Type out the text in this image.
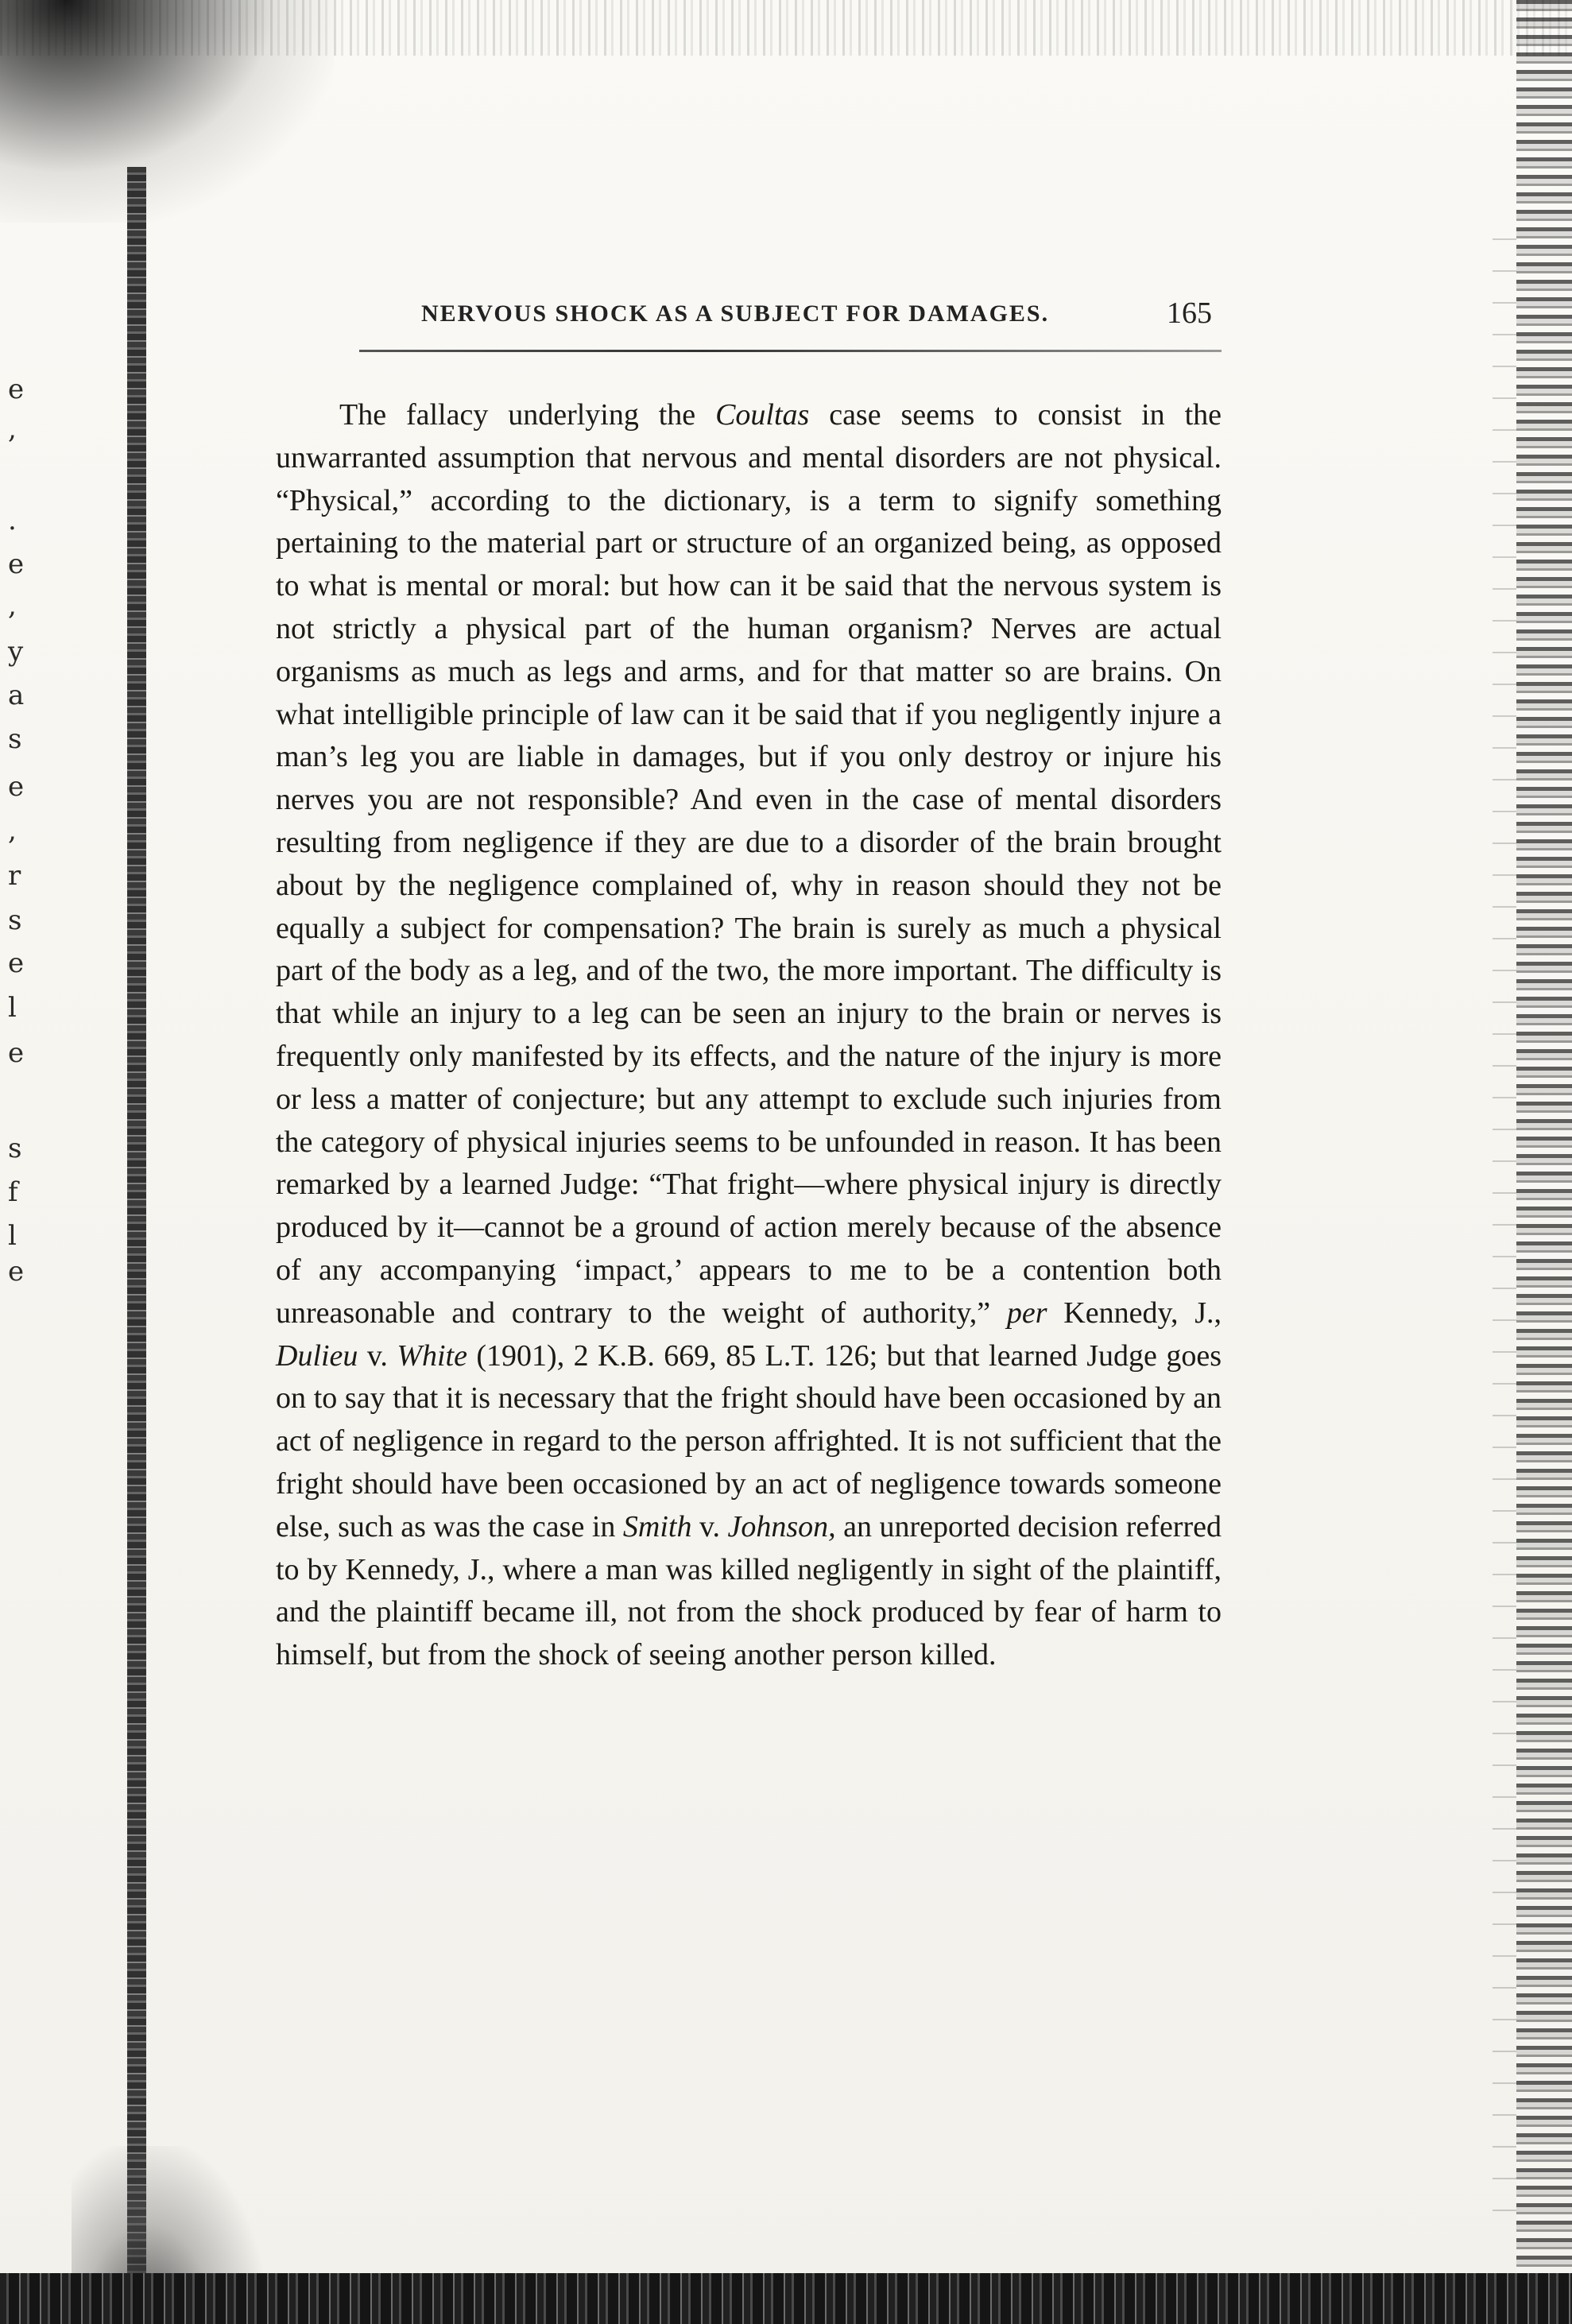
e
,
.
e
,
y
a
s
e
,
r
s
e
l
e
s
f
l
e
NERVOUS SHOCK AS A SUBJECT FOR DAMAGES.	165

The fallacy underlying the Coultas case seems to consist in the unwarranted assumption that nervous and mental disorders are not physical. “Physical,” according to the dictionary, is a term to signify something pertaining to the material part or structure of an organized being, as opposed to what is mental or moral: but how can it be said that the nervous system is not strictly a physical part of the human organism? Nerves are actual organisms as much as legs and arms, and for that matter so are brains. On what intelligible principle of law can it be said that if you negligently injure a man’s leg you are liable in damages, but if you only destroy or injure his nerves you are not responsible? And even in the case of mental disorders resulting from negligence if they are due to a disorder of the brain brought about by the negligence complained of, why in reason should they not be equally a subject for compensation? The brain is surely as much a physical part of the body as a leg, and of the two, the more important. The difficulty is that while an injury to a leg can be seen an injury to the brain or nerves is frequently only manifested by its effects, and the nature of the injury is more or less a matter of conjecture; but any attempt to exclude such injuries from the category of physical injuries seems to be unfounded in reason. It has been remarked by a learned Judge: “That fright—where physical injury is directly produced by it—cannot be a ground of action merely because of the absence of any accompanying ‘impact,’ appears to me to be a contention both unreasonable and contrary to the weight of authority,” per Kennedy, J., Dulieu v. White (1901), 2 K.B. 669, 85 L.T. 126; but that learned Judge goes on to say that it is necessary that the fright should have been occasioned by an act of negligence in regard to the person affrighted. It is not sufficient that the fright should have been occasioned by an act of negligence towards someone else, such as was the case in Smith v. Johnson, an unreported decision referred to by Kennedy, J., where a man was killed negligently in sight of the plaintiff, and the plaintiff became ill, not from the shock produced by fear of harm to himself, but from the shock of seeing another person killed.
